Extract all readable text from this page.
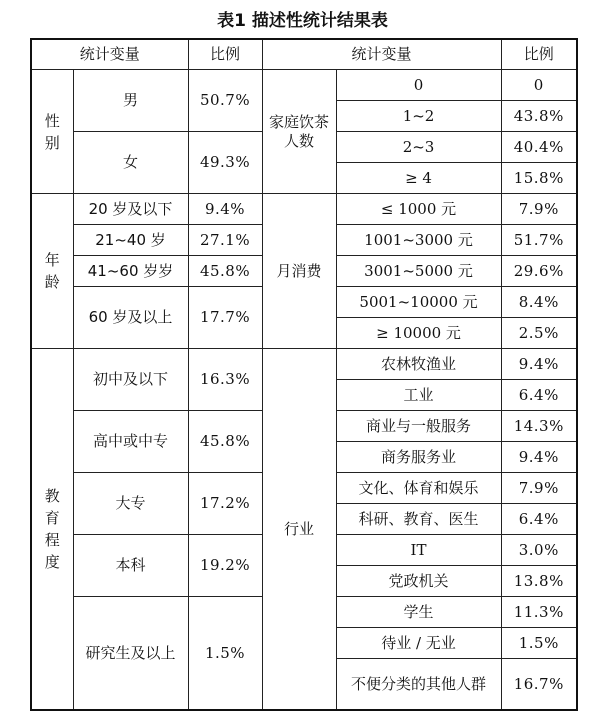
表1 描述性统计结果表
统计变量		比例	统计变量		比例
性别	男	50.7%	家庭饮茶人数	0	0
				1~2	43.8%
	女	49.3%		2~3	40.4%
				≥ 4	15.8%
年龄	20 岁及以下	9.4%	月消费	≤ 1000 元	7.9%
	21~40 岁	27.1%		1001~3000 元	51.7%
	41~60 岁岁	45.8%		3001~5000 元	29.6%
	60 岁及以上	17.7%		5001~10000 元	8.4%
				≥ 10000 元	2.5%
教育程度	初中及以下	16.3%	行业	农林牧渔业	9.4%
				工业	6.4%
	高中或中专	45.8%		商业与一般服务	14.3%
				商务服务业	9.4%
	大专	17.2%		文化、体育和娱乐	7.9%
				科研、教育、医生	6.4%
	本科	19.2%		IT	3.0%
				党政机关	13.8%
	研究生及以上	1.5%		学生	11.3%
				待业 / 无业	1.5%
				不便分类的其他人群	16.7%
